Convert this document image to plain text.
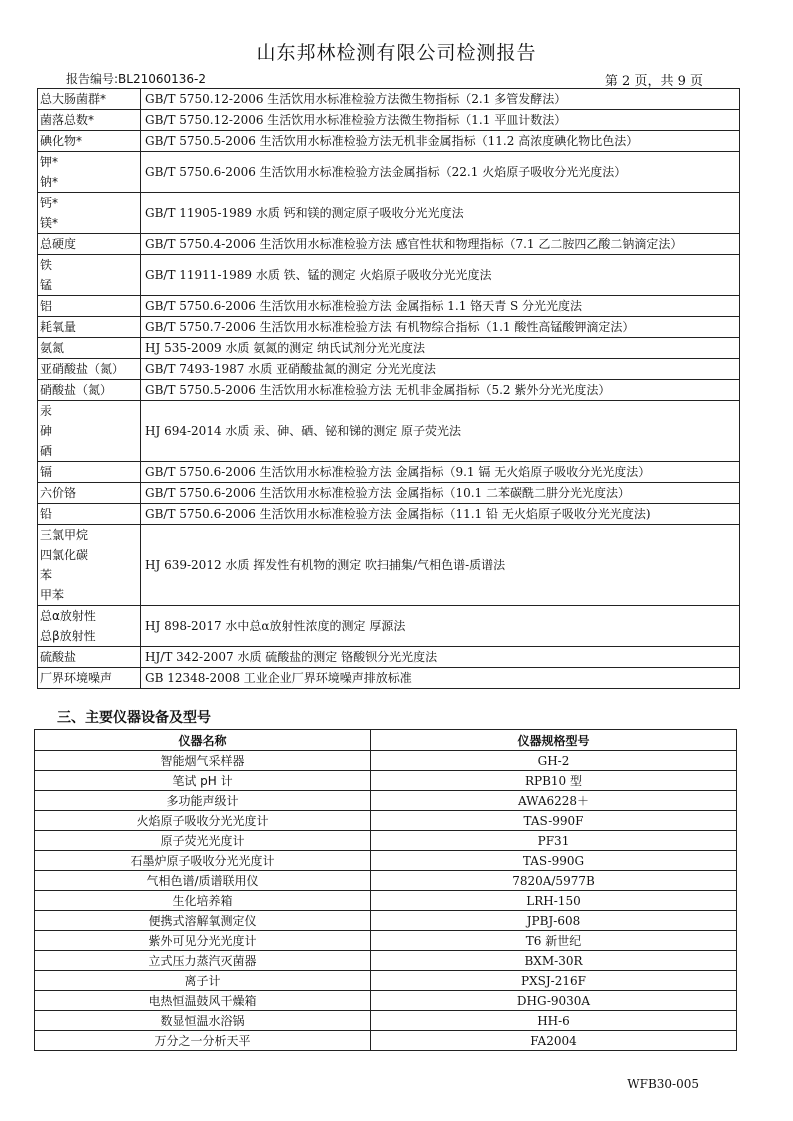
山东邦林检测有限公司检测报告
报告编号:BL21060136-2	第 2 页，共 9 页
总大肠菌群*	GB/T 5750.12-2006 生活饮用水标准检验方法微生物指标（2.1 多管发酵法）

菌落总数*	GB/T 5750.12-2006 生活饮用水标准检验方法微生物指标（1.1 平皿计数法）

碘化物*	GB/T 5750.5-2006 生活饮用水标准检验方法无机非金属指标（11.2 高浓度碘化物比色法）

钾*
钠*	GB/T 5750.6-2006 生活饮用水标准检验方法金属指标（22.1 火焰原子吸收分光光度法）

钙*
镁*	GB/T 11905-1989 水质 钙和镁的测定原子吸收分光光度法

总硬度	GB/T 5750.4-2006 生活饮用水标准检验方法 感官性状和物理指标（7.1 乙二胺四乙酸二钠滴定法）

铁
锰	GB/T 11911-1989 水质 铁、锰的测定 火焰原子吸收分光光度法

铝	GB/T 5750.6-2006 生活饮用水标准检验方法 金属指标 1.1 铬天青 S 分光光度法

耗氧量	GB/T 5750.7-2006 生活饮用水标准检验方法 有机物综合指标（1.1 酸性高锰酸钾滴定法）

氨氮	HJ 535-2009 水质 氨氮的测定 纳氏试剂分光光度法

亚硝酸盐（氮）	GB/T 7493-1987 水质 亚硝酸盐氮的测定 分光光度法

硝酸盐（氮）	GB/T 5750.5-2006 生活饮用水标准检验方法 无机非金属指标（5.2 紫外分光光度法）

汞
砷
硒	HJ 694-2014 水质 汞、砷、硒、铋和锑的测定 原子荧光法

镉	GB/T 5750.6-2006 生活饮用水标准检验方法 金属指标（9.1 镉 无火焰原子吸收分光光度法）

六价铬	GB/T 5750.6-2006 生活饮用水标准检验方法 金属指标（10.1 二苯碳酰二肼分光光度法）

铅	GB/T 5750.6-2006 生活饮用水标准检验方法 金属指标（11.1 铅 无火焰原子吸收分光光度法)

三氯甲烷
四氯化碳
苯
甲苯	HJ 639-2012 水质 挥发性有机物的测定 吹扫捕集/气相色谱-质谱法

总α放射性
总β放射性	HJ 898-2017 水中总α放射性浓度的测定 厚源法

硫酸盐	HJ/T 342-2007 水质 硫酸盐的测定 铬酸钡分光光度法

厂界环境噪声	GB 12348-2008 工业企业厂界环境噪声排放标准
三、主要仪器设备及型号
仪器名称	仪器规格型号
智能烟气采样器	GH-2
笔试 pH 计	RPB10 型
多功能声级计	AWA6228＋
火焰原子吸收分光光度计	TAS-990F
原子荧光光度计	PF31
石墨炉原子吸收分光光度计	TAS-990G
气相色谱/质谱联用仪	7820A/5977B
生化培养箱	LRH-150
便携式溶解氧测定仪	JPBJ-608
紫外可见分光光度计	T6 新世纪
立式压力蒸汽灭菌器	BXM-30R
离子计	PXSJ-216F
电热恒温鼓风干燥箱	DHG-9030A
数显恒温水浴锅	HH-6
万分之一分析天平	FA2004
WFB30-005
